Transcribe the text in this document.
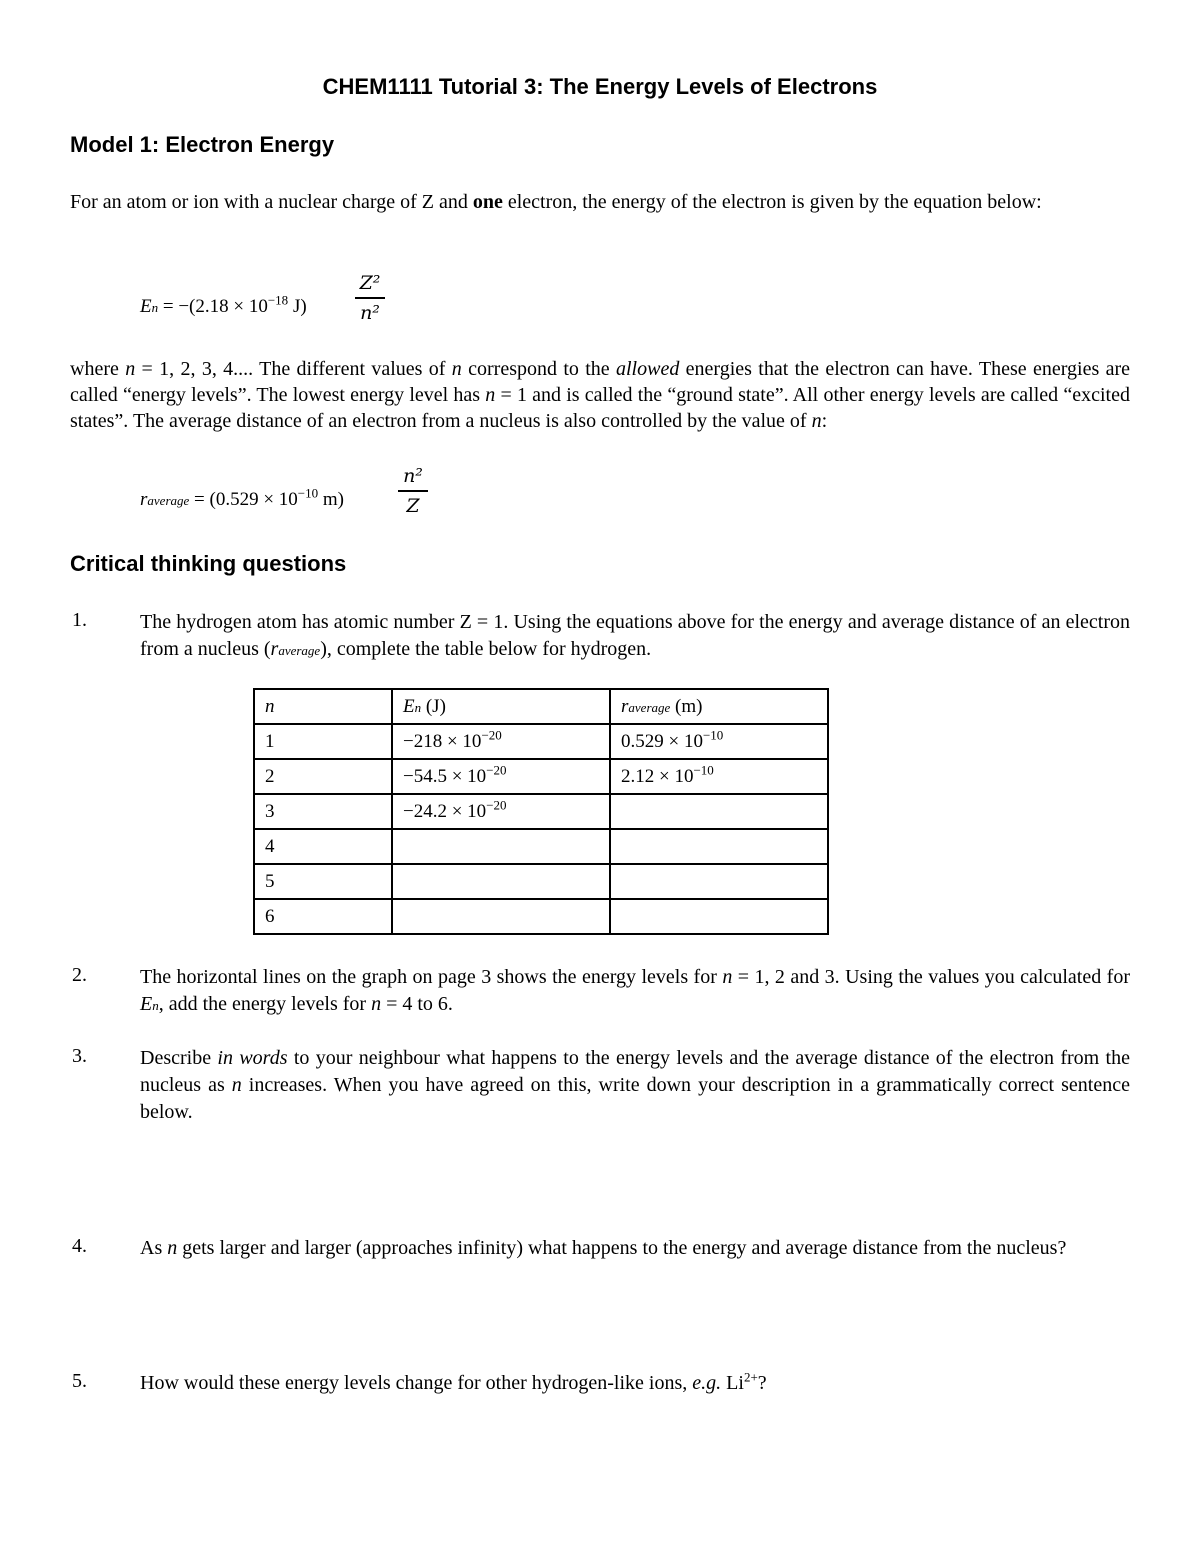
CHEM1111 Tutorial 3: The Energy Levels of Electrons
Model 1: Electron Energy
For an atom or ion with a nuclear charge of Z and one electron, the energy of the electron is given by the equation below:
$En = -(2.18 \times 10^{-18}$ J)
Z²
n²
where n = 1, 2, 3, 4.... The different values of n correspond to the allowed energies that the electron can have. These energies are called “energy levels”. The lowest energy level has n = 1 and is called the “ground state”. All other energy levels are called “excited states”. The average distance of an electron from a nucleus is also controlled by the value of n:
raverage = ($0.529 \times 10^{-10}$ m)
n²
Z
Critical thinking questions
1.	The hydrogen atom has atomic number Z = 1. Using the equations above for the energy and average distance of an electron from a nucleus (raverage), complete the table below for hydrogen.
n	En (J)	raverage (m)
1	$-218 \times 10^{-20}$	$0.529 \times 10^{-10}$
2	$-54.5 \times 10^{-20}$	$2.12 \times 10^{-10}$
3	$-24.2 \times 10^{-20}$	
4		
5		
6		
2.	The horizontal lines on the graph on page 3 shows the energy levels for n = 1, 2 and 3. Using the values you calculated for En, add the energy levels for n = 4 to 6.
3.	Describe in words to your neighbour what happens to the energy levels and the average distance of the electron from the nucleus as n increases. When you have agreed on this, write down your description in a grammatically correct sentence below.
4.	As n gets larger and larger (approaches infinity) what happens to the energy and average distance from the nucleus?
5.	How would these energy levels change for other hydrogen-like ions, e.g. $Li^{2+}$?
